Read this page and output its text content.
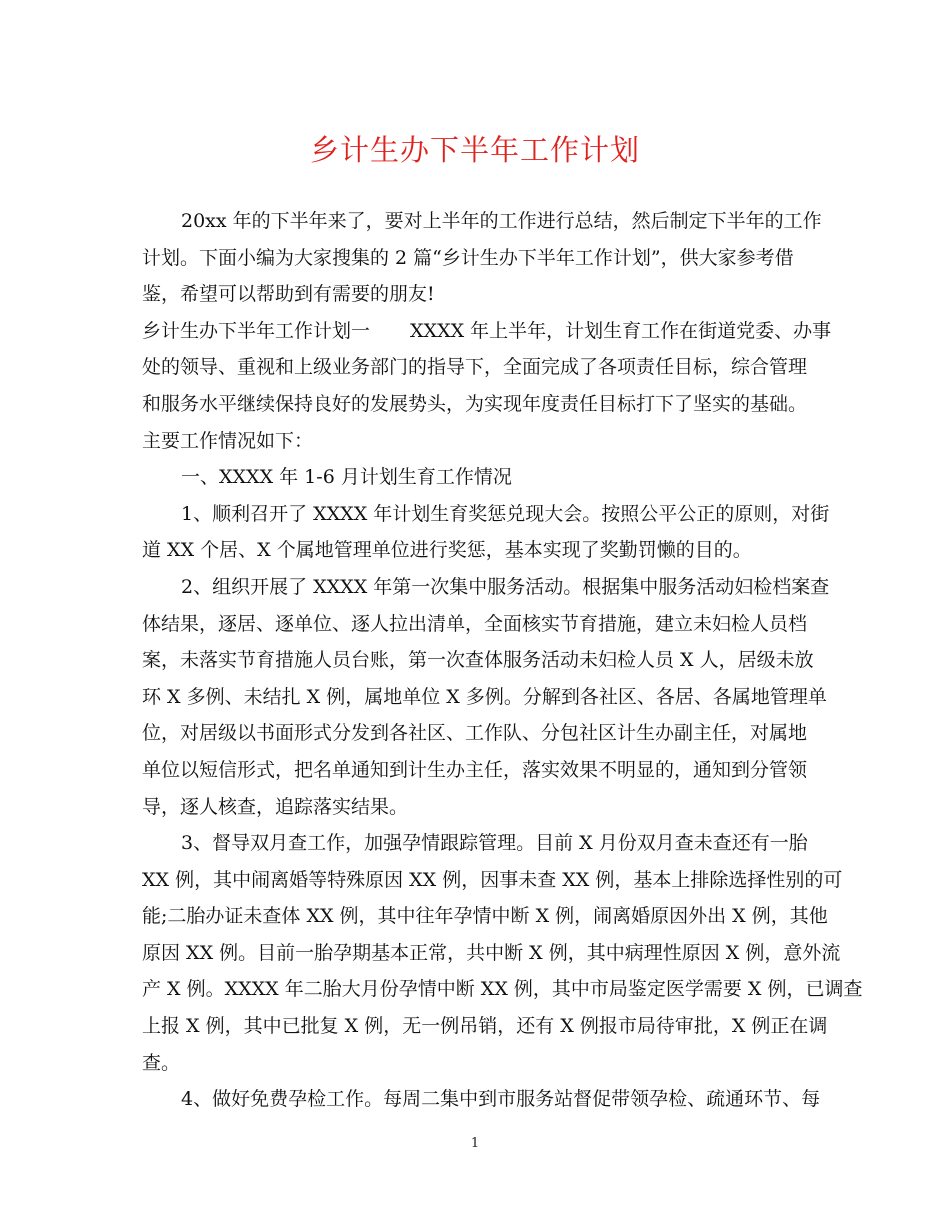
乡计生办下半年工作计划
20xx 年的下半年来了，要对上半年的工作进行总结，然后制定下半年的工作
计划。下面小编为大家搜集的 2 篇“乡计生办下半年工作计划”，供大家参考借
鉴，希望可以帮助到有需要的朋友!
乡计生办下半年工作计划一 XXXX 年上半年，计划生育工作在街道党委、办事
处的领导、重视和上级业务部门的指导下，全面完成了各项责任目标，综合管理
和服务水平继续保持良好的发展势头，为实现年度责任目标打下了坚实的基础。
主要工作情况如下：
一、XXXX 年 1-6 月计划生育工作情况
1、顺利召开了 XXXX 年计划生育奖惩兑现大会。按照公平公正的原则，对街
道 XX 个居、X 个属地管理单位进行奖惩，基本实现了奖勤罚懒的目的。
2、组织开展了 XXXX 年第一次集中服务活动。根据集中服务活动妇检档案查
体结果，逐居、逐单位、逐人拉出清单，全面核实节育措施，建立未妇检人员档
案，未落实节育措施人员台账，第一次查体服务活动未妇检人员 X 人，居级未放
环 X 多例、未结扎 X 例，属地单位 X 多例。分解到各社区、各居、各属地管理单
位，对居级以书面形式分发到各社区、工作队、分包社区计生办副主任，对属地
单位以短信形式，把名单通知到计生办主任，落实效果不明显的，通知到分管领
导，逐人核查，追踪落实结果。
3、督导双月查工作，加强孕情跟踪管理。目前 X 月份双月查未查还有一胎
XX 例，其中闹离婚等特殊原因 XX 例，因事未查 XX 例，基本上排除选择性别的可
能;二胎办证未查体 XX 例，其中往年孕情中断 X 例，闹离婚原因外出 X 例，其他
原因 XX 例。目前一胎孕期基本正常，共中断 X 例，其中病理性原因 X 例，意外流
产 X 例。XXXX 年二胎大月份孕情中断 XX 例，其中市局鉴定医学需要 X 例，已调查
上报 X 例，其中已批复 X 例，无一例吊销，还有 X 例报市局待审批，X 例正在调
查。
4、做好免费孕检工作。每周二集中到市服务站督促带领孕检、疏通环节、每
1
